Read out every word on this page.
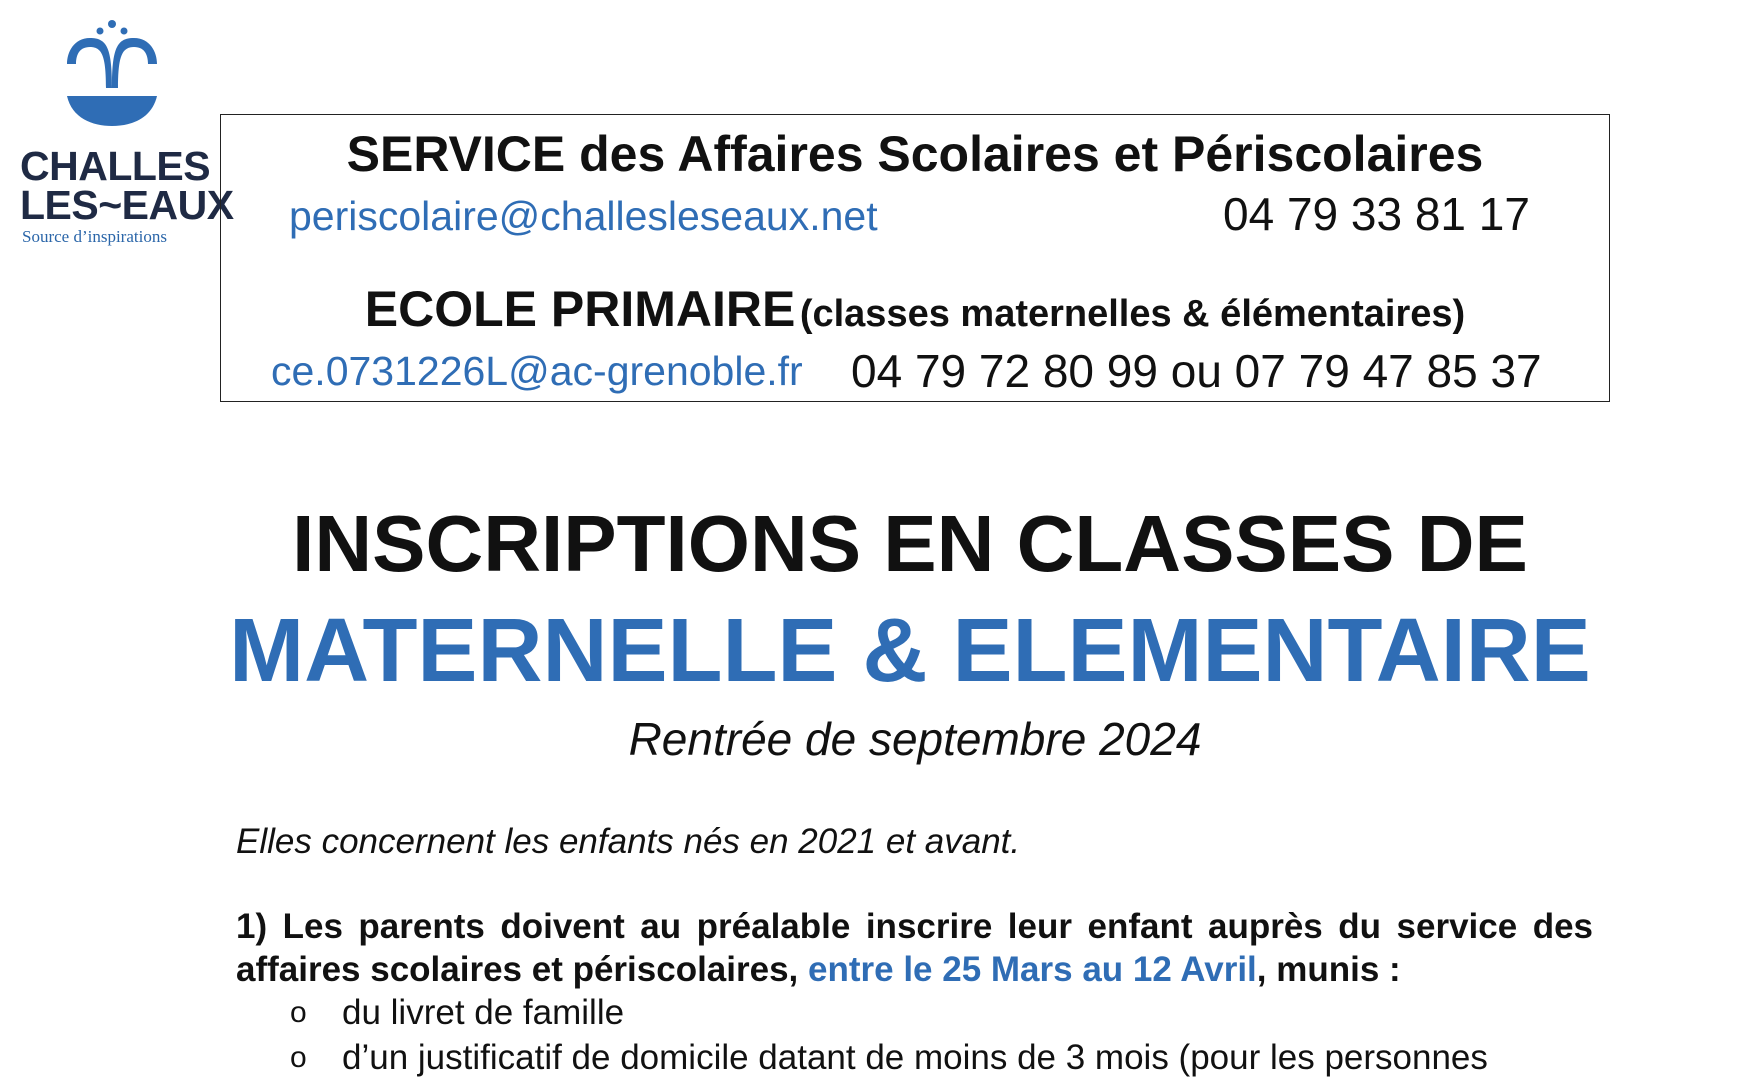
CHALLES
LES~EAUX
Source d’inspirations
SERVICE des Affaires Scolaires et Périscolaires
periscolaire@challesleseaux.net	04 79 33 81 17
ECOLE PRIMAIRE (classes maternelles & élémentaires)
ce.0731226L@ac-grenoble.fr 04 79 72 80 99 ou 07 79 47 85 37
INSCRIPTIONS EN CLASSES DE
MATERNELLE & ELEMENTAIRE
Rentrée de septembre 2024
Elles concernent les enfants nés en 2021 et avant.
1) Les parents doivent au préalable inscrire leur enfant auprès du service des affaires scolaires et périscolaires, entre le 25 Mars au 12 Avril, munis :
o du livret de famille
o d’un justificatif de domicile datant de moins de 3 mois (pour les personnes
